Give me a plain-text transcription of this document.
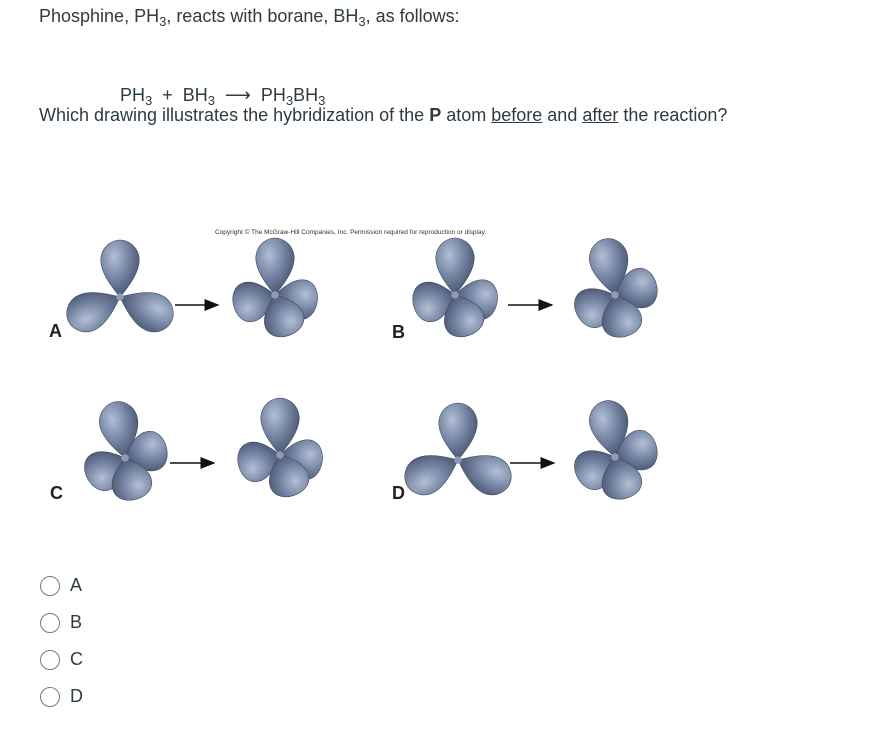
Phosphine, $PH_3$, reacts with borane, $BH_3$, as follows:

$PH_3 + BH_3$  ⟶  $PH_3BH_3$

Which drawing illustrates the hybridization of the P atom before and after the reaction?

Copyright © The McGraw-Hill Companies, Inc. Permission required for reproduction or display.
A	B
C	D
A
B
C
D
